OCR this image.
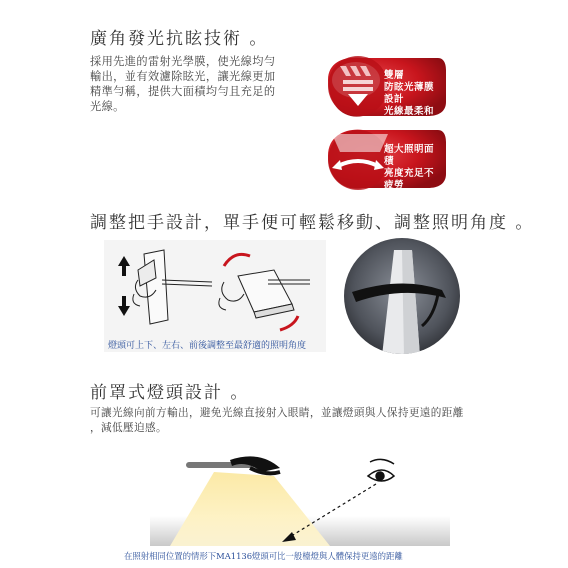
廣角發光抗眩技術 。
採用先進的雷射光學膜，使光線均勻
輸出，並有效濾除眩光，讓光線更加
精準勻稱，提供大面積均勻且充足的
光線。
雙層
防眩光薄膜設計
光線最柔和
超大照明面積
亮度充足不疲勞
調整把手設計，單手便可輕鬆移動、調整照明角度 。
燈頭可上下、左右、前後調整至最舒適的照明角度
前罩式燈頭設計 。
可讓光線向前方輸出，避免光線直接射入眼睛，並讓燈頭與人保持更遠的距離
，減低壓迫感。
在照射相同位置的情形下MA1136燈頭可比一般檯燈與人體保持更遠的距離
